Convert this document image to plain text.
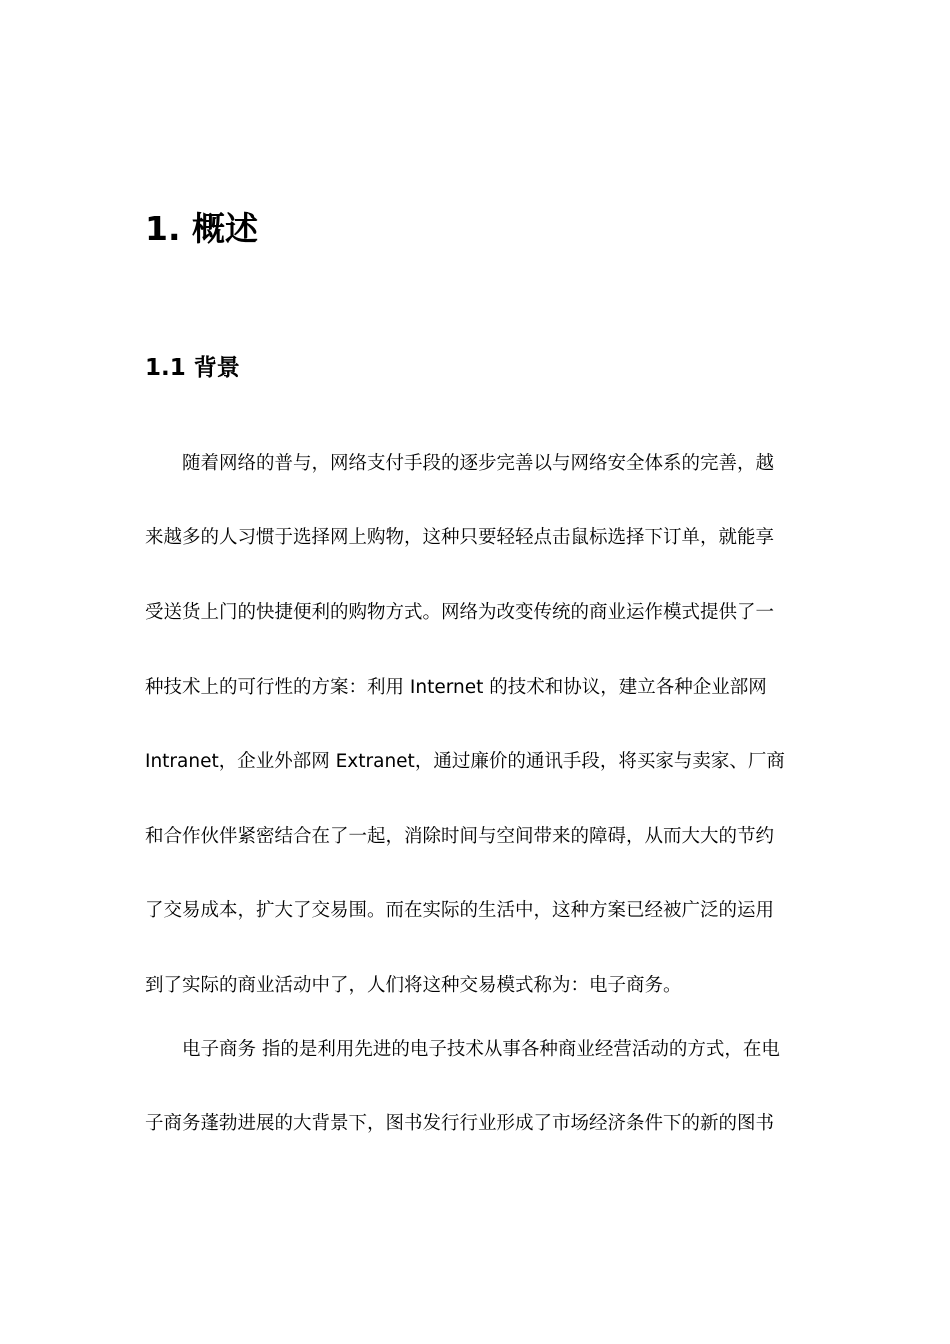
1. 概述
1.1 背景

随着网络的普与，网络支付手段的逐步完善以与网络安全体系的完善，越

来越多的人习惯于选择网上购物，这种只要轻轻点击鼠标选择下订单，就能享

受送货上门的快捷便利的购物方式。网络为改变传统的商业运作模式提供了一

种技术上的可行性的方案：利用 Internet 的技术和协议，建立各种企业部网

Intranet，企业外部网 Extranet，通过廉价的通讯手段，将买家与卖家、厂商

和合作伙伴紧密结合在了一起，消除时间与空间带来的障碍，从而大大的节约

了交易成本，扩大了交易围。而在实际的生活中，这种方案已经被广泛的运用

到了实际的商业活动中了，人们将这种交易模式称为：电子商务。

电子商务 指的是利用先进的电子技术从事各种商业经营活动的方式，在电

子商务蓬勃进展的大背景下，图书发行行业形成了市场经济条件下的新的图书
